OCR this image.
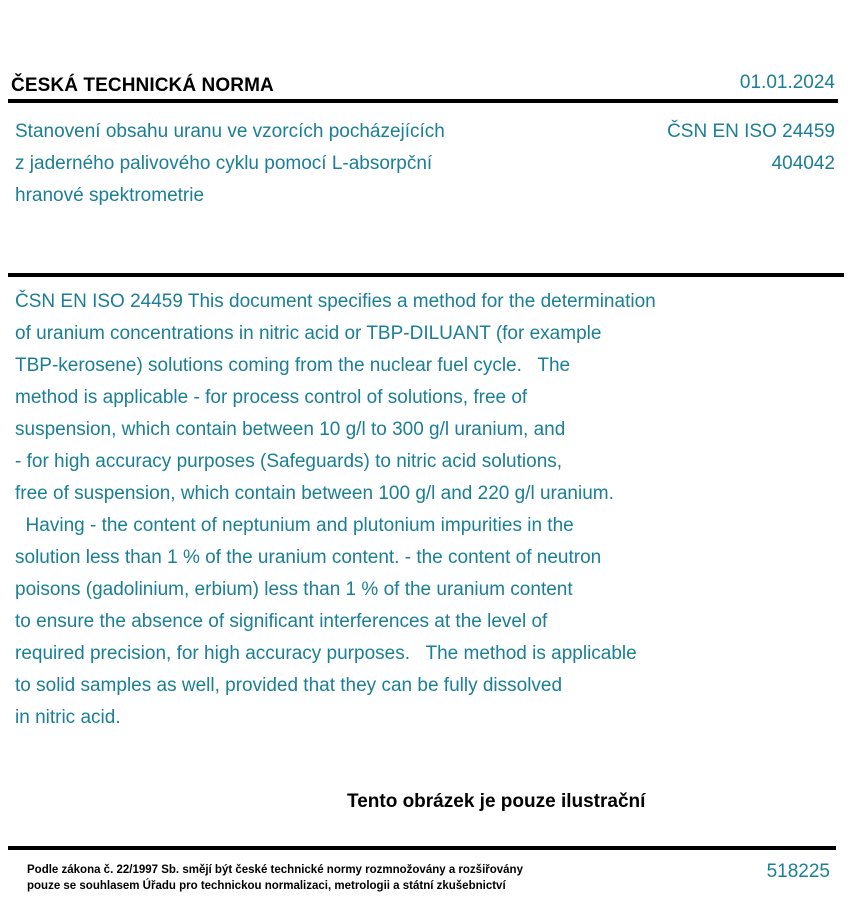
ČESKÁ TECHNICKÁ NORMA	01.01.2024
Stanovení obsahu uranu ve vzorcích pocházejících
z jaderného palivového cyklu pomocí L-absorpční
hranové spektrometrie
ČSN EN ISO 24459
404042
ČSN EN ISO 24459 This document specifies a method for the determination
of uranium concentrations in nitric acid or TBP-DILUANT (for example
TBP-kerosene) solutions coming from the nuclear fuel cycle.   The
method is applicable - for process control of solutions, free of
suspension, which contain between 10 g/l to 300 g/l uranium, and
- for high accuracy purposes (Safeguards) to nitric acid solutions,
free of suspension, which contain between 100 g/l and 220 g/l uranium.
Having - the content of neptunium and plutonium impurities in the
solution less than 1 % of the uranium content. - the content of neutron
poisons (gadolinium, erbium) less than 1 % of the uranium content
to ensure the absence of significant interferences at the level of
required precision, for high accuracy purposes.   The method is applicable
to solid samples as well, provided that they can be fully dissolved
in nitric acid.
Tento obrázek je pouze ilustrační
Podle zákona č. 22/1997 Sb. smějí být české technické normy rozmnožovány a rozšiřovány
pouze se souhlasem Úřadu pro technickou normalizaci, metrologii a státní zkušebnictví
518225
